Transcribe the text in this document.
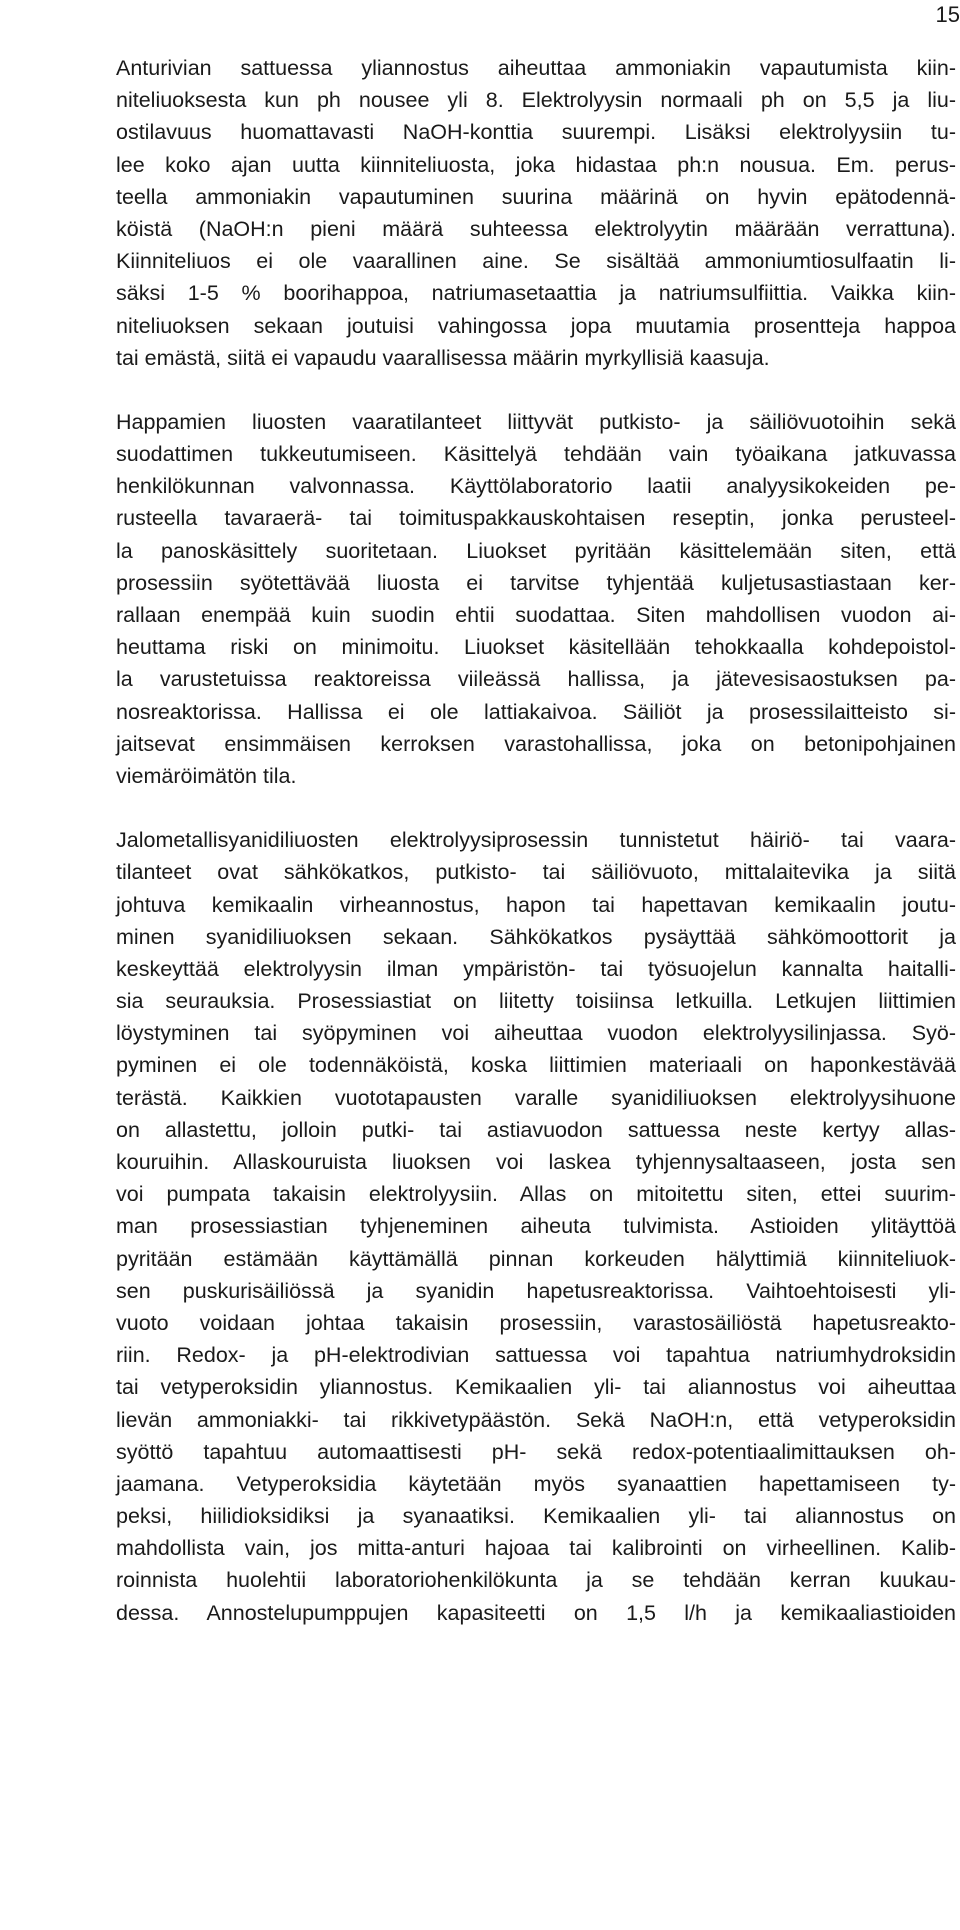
15
Anturivian sattuessa yliannostus aiheuttaa ammoniakin vapautumista kiin-
niteliuoksesta kun ph nousee yli 8. Elektrolyysin normaali ph on 5,5 ja liu-
ostilavuus huomattavasti NaOH-konttia suurempi. Lisäksi elektrolyysiin tu-
lee koko ajan uutta kiinniteliuosta, joka hidastaa ph:n nousua. Em. perus-
teella ammoniakin vapautuminen suurina määrinä on hyvin epätodennä-
köistä (NaOH:n pieni määrä suhteessa elektrolyytin määrään verrattuna).
Kiinniteliuos ei ole vaarallinen aine. Se sisältää ammoniumtiosulfaatin li-
säksi 1-5 % boorihappoa, natriumasetaattia ja natriumsulfiittia. Vaikka kiin-
niteliuoksen sekaan joutuisi vahingossa jopa muutamia prosentteja happoa
tai emästä, siitä ei vapaudu vaarallisessa määrin myrkyllisiä kaasuja.
Happamien liuosten vaaratilanteet liittyvät putkisto- ja säiliövuotoihin sekä
suodattimen tukkeutumiseen. Käsittelyä tehdään vain työaikana jatkuvassa
henkilökunnan valvonnassa. Käyttölaboratorio laatii analyysikokeiden pe-
rusteella tavaraerä- tai toimituspakkauskohtaisen reseptin, jonka perusteel-
la panoskäsittely suoritetaan. Liuokset pyritään käsittelemään siten, että
prosessiin syötettävää liuosta ei tarvitse tyhjentää kuljetusastiastaan ker-
rallaan enempää kuin suodin ehtii suodattaa. Siten mahdollisen vuodon ai-
heuttama riski on minimoitu. Liuokset käsitellään tehokkaalla kohdepoistol-
la varustetuissa reaktoreissa viileässä hallissa, ja jätevesisaostuksen pa-
nosreaktorissa. Hallissa ei ole lattiakaivoa. Säiliöt ja prosessilaitteisto si-
jaitsevat ensimmäisen kerroksen varastohallissa, joka on betonipohjainen
viemäröimätön tila.
Jalometallisyanidiliuosten elektrolyysiprosessin tunnistetut häiriö- tai vaara-
tilanteet ovat sähkökatkos, putkisto- tai säiliövuoto, mittalaitevika ja siitä
johtuva kemikaalin virheannostus, hapon tai hapettavan kemikaalin joutu-
minen syanidiliuoksen sekaan. Sähkökatkos pysäyttää sähkömoottorit ja
keskeyttää elektrolyysin ilman ympäristön- tai työsuojelun kannalta haitalli-
sia seurauksia. Prosessiastiat on liitetty toisiinsa letkuilla. Letkujen liittimien
löystyminen tai syöpyminen voi aiheuttaa vuodon elektrolyysilinjassa. Syö-
pyminen ei ole todennäköistä, koska liittimien materiaali on haponkestävää
terästä. Kaikkien vuototapausten varalle syanidiliuoksen elektrolyysihuone
on allastettu, jolloin putki- tai astiavuodon sattuessa neste kertyy allas-
kouruihin. Allaskouruista liuoksen voi laskea tyhjennysaltaaseen, josta sen
voi pumpata takaisin elektrolyysiin. Allas on mitoitettu siten, ettei suurim-
man prosessiastian tyhjeneminen aiheuta tulvimista. Astioiden ylitäyttöä
pyritään estämään käyttämällä pinnan korkeuden hälyttimiä kiinniteliuok-
sen puskurisäiliössä ja syanidin hapetusreaktorissa. Vaihtoehtoisesti yli-
vuoto voidaan johtaa takaisin prosessiin, varastosäiliöstä hapetusreakto-
riin. Redox- ja pH-elektrodivian sattuessa voi tapahtua natriumhydroksidin
tai vetyperoksidin yliannostus. Kemikaalien yli- tai aliannostus voi aiheuttaa
lievän ammoniakki- tai rikkivetypäästön. Sekä NaOH:n, että vetyperoksidin
syöttö tapahtuu automaattisesti pH- sekä redox-potentiaalimittauksen oh-
jaamana. Vetyperoksidia käytetään myös syanaattien hapettamiseen ty-
peksi, hiilidioksidiksi ja syanaatiksi. Kemikaalien yli- tai aliannostus on
mahdollista vain, jos mitta-anturi hajoaa tai kalibrointi on virheellinen. Kalib-
roinnista huolehtii laboratoriohenkilökunta ja se tehdään kerran kuukau-
dessa. Annostelupumppujen kapasiteetti on 1,5 l/h ja kemikaaliastioiden
